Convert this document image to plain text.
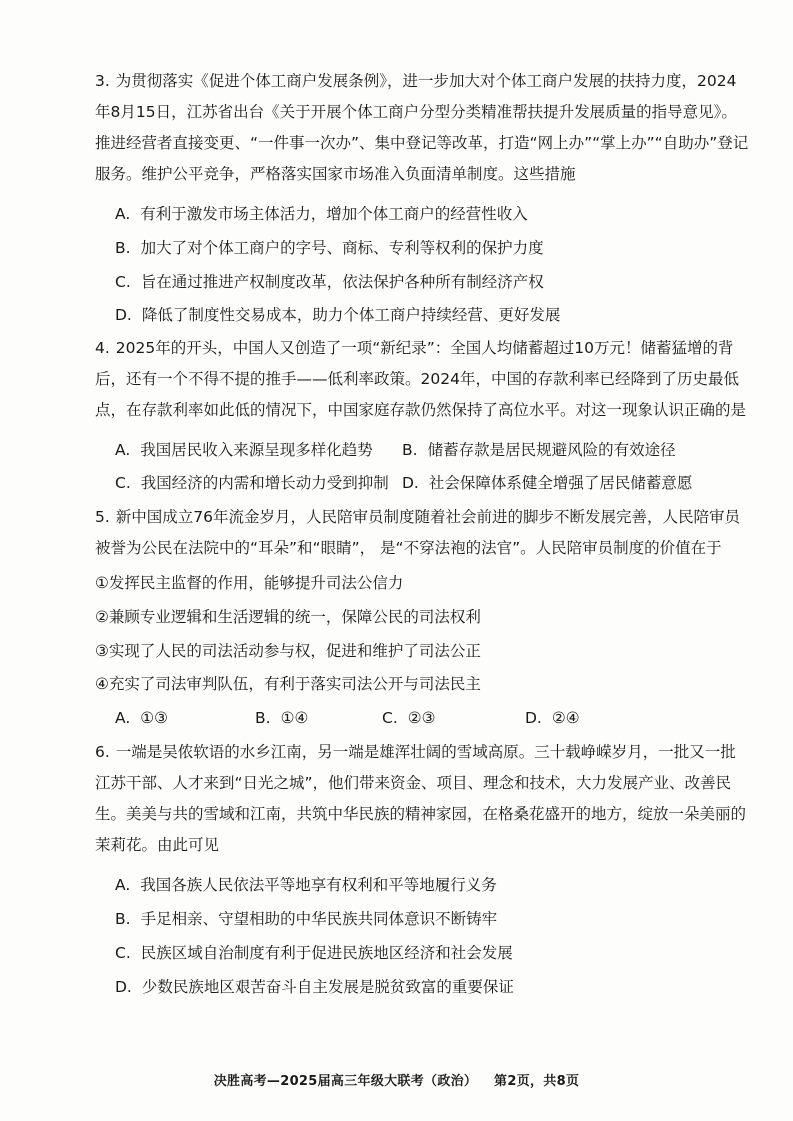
3. 为贯彻落实《促进个体工商户发展条例》，进一步加大对个体工商户发展的扶持力度，2024年8月15日，江苏省出台《关于开展个体工商户分型分类精准帮扶提升发展质量的指导意见》。推进经营者直接变更、“一件事一次办”、集中登记等改革，打造“网上办”“掌上办”“自助办”登记服务。维护公平竞争，严格落实国家市场准入负面清单制度。这些措施

A. 有利于激发市场主体活力，增加个体工商户的经营性收入
B. 加大了对个体工商户的字号、商标、专利等权利的保护力度
C. 旨在通过推进产权制度改革，依法保护各种所有制经济产权
D. 降低了制度性交易成本，助力个体工商户持续经营、更好发展

4. 2025年的开头，中国人又创造了一项“新纪录”：全国人均储蓄超过10万元！储蓄猛增的背后，还有一个不得不提的推手——低利率政策。2024年，中国的存款利率已经降到了历史最低点，在存款利率如此低的情况下，中国家庭存款仍然保持了高位水平。对这一现象认识正确的是

A. 我国居民收入来源呈现多样化趋势 B. 储蓄存款是居民规避风险的有效途径
C. 我国经济的内需和增长动力受到抑制 D. 社会保障体系健全增强了居民储蓄意愿

5. 新中国成立76年流金岁月，人民陪审员制度随着社会前进的脚步不断发展完善，人民陪审员被誉为公民在法院中的“耳朵”和“眼睛”， 是“不穿法袍的法官”。人民陪审员制度的价值在于

①发挥民主监督的作用，能够提升司法公信力
②兼顾专业逻辑和生活逻辑的统一，保障公民的司法权利
③实现了人民的司法活动参与权，促进和维护了司法公正
④充实了司法审判队伍，有利于落实司法公开与司法民主
A. ①③	B. ①④	C. ②③	D. ②④

6. 一端是吴侬软语的水乡江南，另一端是雄浑壮阔的雪域高原。三十载峥嵘岁月，一批又一批江苏干部、人才来到“日光之城”，他们带来资金、项目、理念和技术，大力发展产业、改善民生。美美与共的雪域和江南，共筑中华民族的精神家园，在格桑花盛开的地方，绽放一朵美丽的茉莉花。由此可见

A. 我国各族人民依法平等地享有权利和平等地履行义务
B. 手足相亲、守望相助的中华民族共同体意识不断铸牢
C. 民族区域自治制度有利于促进民族地区经济和社会发展
D. 少数民族地区艰苦奋斗自主发展是脱贫致富的重要保证
决胜高考—2025届高三年级大联考（政治） 第2页，共8页
